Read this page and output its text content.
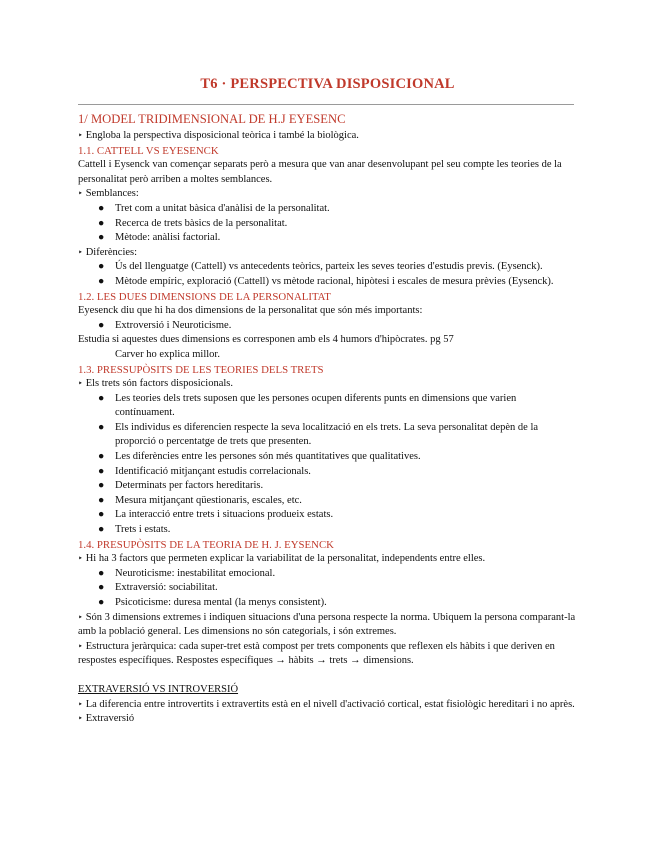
T6 · PERSPECTIVA DISPOSICIONAL
1/ MODEL TRIDIMENSIONAL DE H.J EYESENC

‣ Engloba la perspectiva disposicional teòrica i també la biològica.

1.1. CATTELL VS EYESENCK

Cattell i Eysenck van començar separats però a mesura que van anar desenvolupant pel seu compte les teories de la personalitat però arriben a moltes semblances.

‣ Semblances:

● Tret com a unitat bàsica d'anàlisi de la personalitat.
● Recerca de trets bàsics de la personalitat.
● Mètode: anàlisi factorial.

‣ Diferències:

● Ús del llenguatge (Cattell) vs antecedents teòrics, parteix les seves teories d'estudis previs. (Eysenck).
● Mètode empíric, exploració (Cattell) vs mètode racional, hipòtesi i escales de mesura prèvies (Eysenck).
1.2. LES DUES DIMENSIONS DE LA PERSONALITAT

Eyesenck diu que hi ha dos dimensions de la personalitat que són més importants:

● Extroversió i Neuroticisme.

Estudia si aquestes dues dimensions es corresponen amb els 4 humors d'hipòcrates. pg 57

Carver ho explica millor.

1.3. PRESSUPÒSITS DE LES TEORIES DELS TRETS

‣ Els trets són factors disposicionals.

● Les teories dels trets suposen que les persones ocupen diferents punts en dimensions que varien contínuament.
● Els individus es diferencien respecte la seva localització en els trets. La seva personalitat depèn de la proporció o percentatge de trets que presenten.
● Les diferències entre les persones són més quantitatives que qualitatives.
● Identificació mitjançant estudis correlacionals.
● Determinats per factors hereditaris.
● Mesura mitjançant qüestionaris, escales, etc.
● La interacció entre trets i situacions produeix estats.
● Trets i estats.
1.4. PRESUPÒSITS DE LA TEORIA DE H. J. EYSENCK

‣ Hi ha 3 factors que permeten explicar la variabilitat de la personalitat, independents entre elles.

● Neuroticisme: inestabilitat emocional.
● Extraversió: sociabilitat.
● Psicoticisme: duresa mental (la menys consistent).

‣ Són 3 dimensions extremes i indiquen situacions d'una persona respecte la norma. Ubiquem la persona comparant-la amb la població general. Les dimensions no són categorials, i són extremes.

‣ Estructura jeràrquica: cada super-tret està compost per trets components que reflexen els hàbits i que deriven en respostes específiques. Respostes específiques → hàbits → trets → dimensions.

EXTRAVERSIÓ VS INTROVERSIÓ

‣ La diferencia entre introvertits i extravertits està en el nivell d'activació cortical, estat fisiològic hereditari i no après.

‣ Extraversió
